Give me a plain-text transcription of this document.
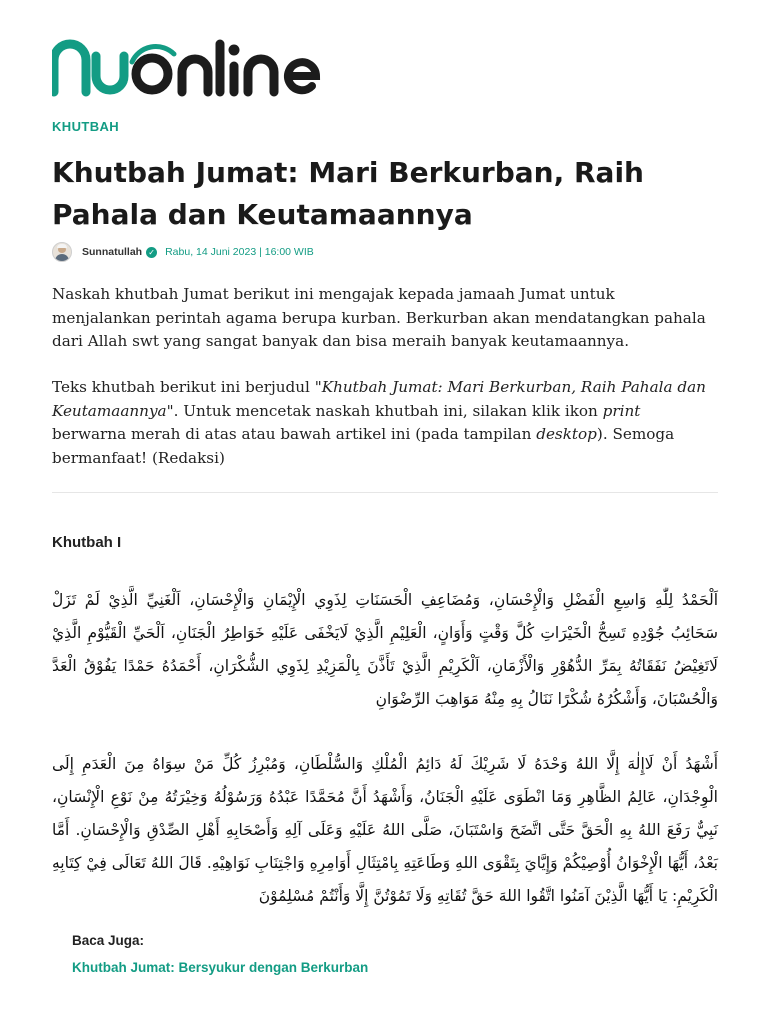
KHUTBAH
Khutbah Jumat: Mari Berkurban, Raih Pahala dan Keutamaannya
Sunnatullah ✓ Rabu, 14 Juni 2023 | 16:00 WIB

Naskah khutbah Jumat berikut ini mengajak kepada jamaah Jumat untuk menjalankan perintah agama berupa kurban. Berkurban akan mendatangkan pahala dari Allah swt yang sangat banyak dan bisa meraih banyak keutamaannya.

Teks khutbah berikut ini berjudul "Khutbah Jumat: Mari Berkurban, Raih Pahala dan Keutamaannya". Untuk mencetak naskah khutbah ini, silakan klik ikon print berwarna merah di atas atau bawah artikel ini (pada tampilan desktop). Semoga bermanfaat! (Redaksi)

Khutbah I

اَلْحَمْدُ لِلّٰهِ وَاسِعِ الْفَضْلِ وَالْإِحْسَانِ، وَمُضَاعِفِ الْحَسَنَاتِ لِذَوِي الْإِيْمَانِ وَالْإِحْسَانِ، اَلْغَنِيِّ الَّذِيْ لَمْ تَزَلْ سَحَائِبُ جُوْدِهِ تَسِحُّ الْخَيْرَاتِ كُلَّ وَقْتٍ وَأَوَانٍ، الْعَلِيْمِ الَّذِيْ لَايَخْفَى عَلَيْهِ خَوَاطِرُ الْجَنَانِ، اَلْحَيِّ الْقَيُّوْمِ الَّذِيْ لَاتَغِيْضُ نَفَقَاتُهُ بِمَرِّ الدُّهُوْرِ وَالْأَزْمَانِ، اَلْكَرِيْمِ الَّذِيْ تَأَذَّنَ بِالْمَزِيْدِ لِذَوِي الشُّكْرَانِ، أَحْمَدُهُ حَمْدًا يَفُوْقُ الْعَدَّ وَالْحُسْبَانَ، وَأَشْكُرُهُ شُكْرًا نَنَالُ بِهِ مِنْهُ مَوَاهِبَ الرِّضْوَانِ

أَشْهَدُ أَنْ لَاإِلٰهَ إِلَّا اللهُ وَحْدَهُ لَا شَرِيْكَ لَهُ دَائِمُ الْمُلْكِ وَالسُّلْطَانِ، وَمُبْرِزُ كُلِّ مَنْ سِوَاهُ مِنَ الْعَدَمِ إِلَى الْوِجْدَانِ، عَالِمُ الظَّاهِرِ وَمَا انْطَوَى عَلَيْهِ الْجَنَانُ، وَأَشْهَدُ أَنَّ مُحَمَّدًا عَبْدُهُ وَرَسُوْلُهُ وَخِيْرَتُهُ مِنْ نَوْعِ الْإِنْسَانِ، نَبِيٌّ رَفَعَ اللهُ بِهِ الْحَقَّ حَتَّى اتَّضَحَ وَاسْتَبَانَ، صَلَّى اللهُ عَلَيْهِ وَعَلَى آلِهِ وَأَصْحَابِهِ أَهْلِ الصِّدْقِ وَالْإِحْسَانِ. أَمَّا بَعْدُ، أَيُّهَا الْإِخْوَانُ أُوْصِيْكُمْ وَإِيَّايَ بِتَقْوَى اللهِ وَطَاعَتِهِ بِامْتِثَالِ أَوَامِرِهِ وَاجْتِنَابِ نَوَاهِيْهِ. قَالَ اللهُ تَعَالَى فِيْ كِتَابِهِ الْكَرِيْمِ: يَا أَيُّهَا الَّذِيْنَ آمَنُوا اتَّقُوا اللهَ حَقَّ تُقَاتِهِ وَلَا تَمُوْتُنَّ إِلَّا وَأَنْتُمْ مُسْلِمُوْنَ

Baca Juga:
Khutbah Jumat: Bersyukur dengan Berkurban
